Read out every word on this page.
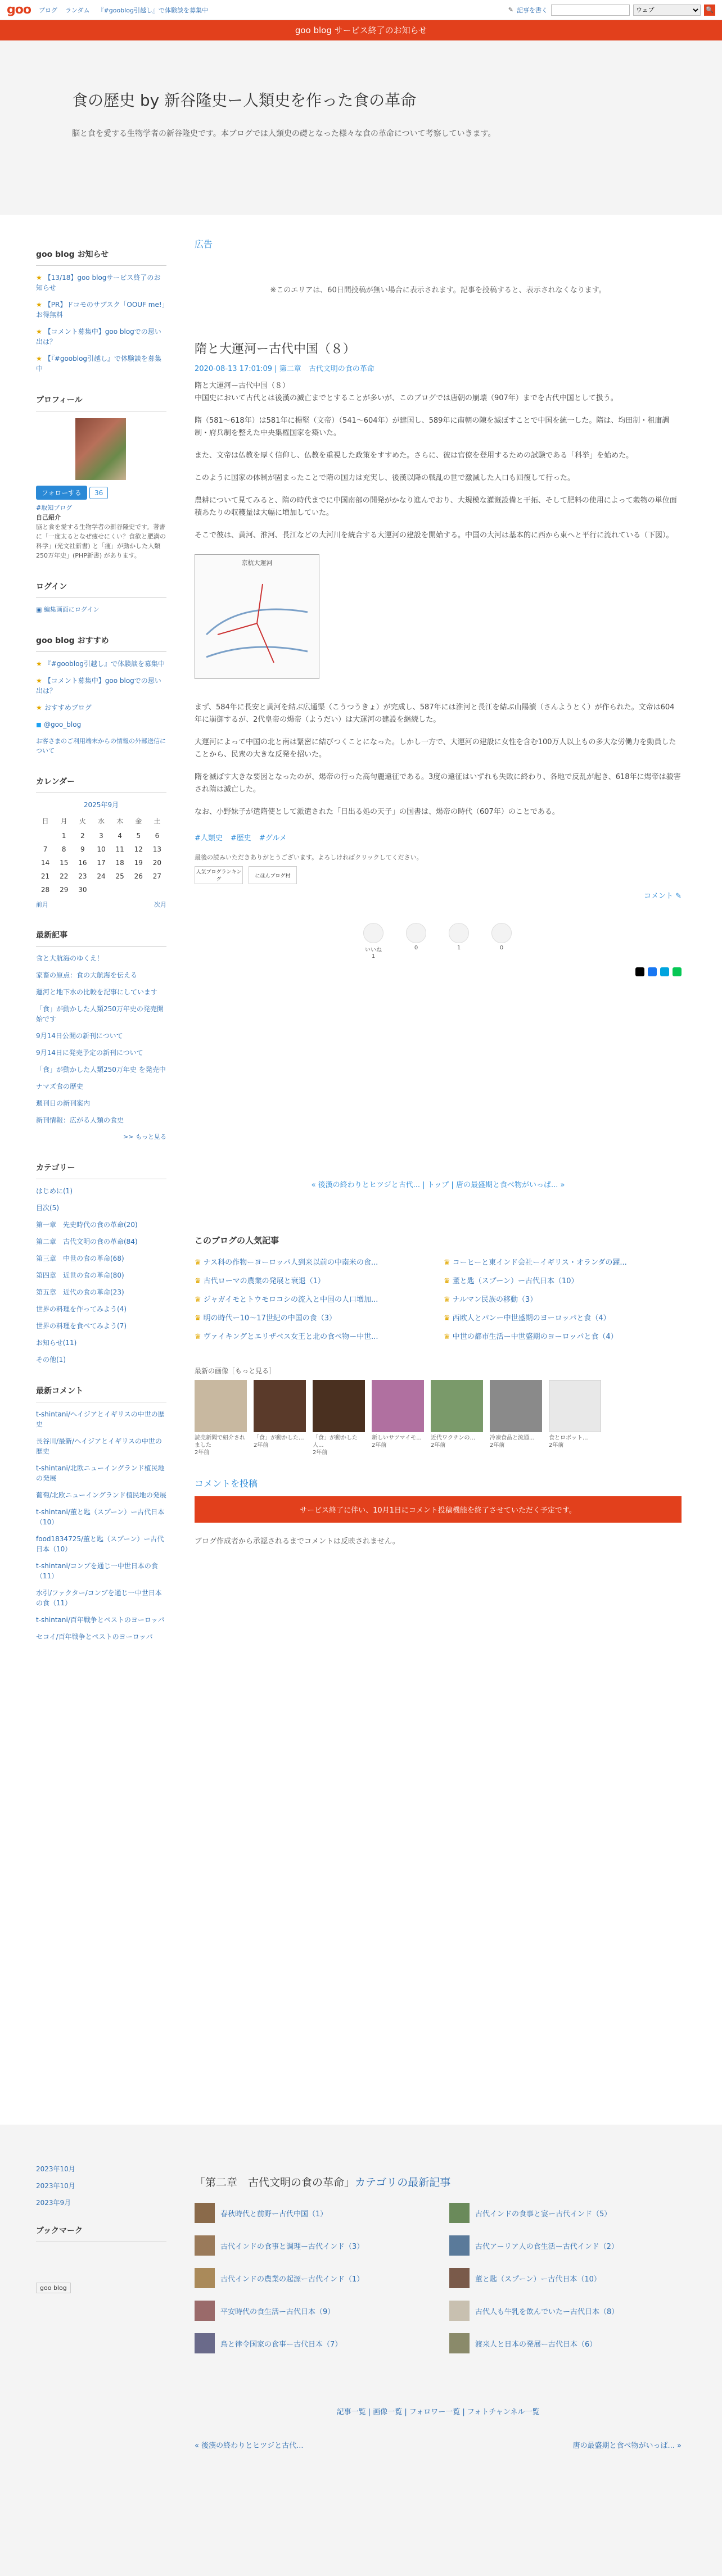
goo ブログ ランダム 『#gooblog引越し』で体験談を募集中	✎ 記事を書く
ウェブ	🔍
goo blog サービス終了のお知らせ
食の歴史 by 新谷隆史ー人類史を作った食の革命
脳と食を愛する生物学者の新谷隆史です。本ブログでは人類史の礎となった様々な食の革命について考察していきます。
goo blog お知らせ
★ 【13/18】goo blogサービス終了のお知らせ
★ 【PR】ドコモのサブスク「OOUF me!」お得無料
★ 【コメント募集中】goo blogでの思い出は？
★ 【『#gooblog引越し』で体験談を募集中
プロフィール
フォローする 36
#取知ブログ
自己紹介
脳と食を愛する生物学者の新谷隆史です。著書に「一度太るとなぜ痩せにくい？食欲と肥満の科学」(光文社新書) と「痩」が動かした人類250万年史」(PHP新書) があります。
ログイン
▣ 編集画面にログイン
goo blog おすすめ
★ 『#gooblog引越し』で体験談を募集中
★ 【コメント募集中】goo blogでの思い出は？
★ おすすめブログ
◼ @goo_blog
お客さまのご利用端末からの情報の外部送信について
カレンダー
2025年9月
日	月	火	水	木	金	土
	1	2	3	4	5	6
7	8	9	10	11	12	13
14	15	16	17	18	19	20
21	22	23	24	25	26	27
28	29	30				
前月	次月
最新記事
食と大航海のゆくえ！
家畜の原点：食の大航海を伝える
運河と地下水の比較を記事にしています
「食」が動かした人類250万年史の発売開始です
9月14日公開の新刊について
9月14日に発売予定の新刊について
「食」が動かした人類250万年史 を発売中
ナマズ食の歴史
週刊日の新刊案内
新刊情報：広がる人類の食史
>> もっと見る
カテゴリー
はじめに(1)
目次(5)
第一章　先史時代の食の革命(20)
第二章　古代文明の食の革命(84)
第三章　中世の食の革命(68)
第四章　近世の食の革命(80)
第五章　近代の食の革命(23)
世界の料理を作ってみよう(4)
世界の料理を食べてみよう(7)
お知らせ(11)
その他(1)
最新コメント
t-shintani/ヘイジアとイギリスの中世の歴史
長谷川/最新/ヘイジアとイギリスの中世の歴史
t-shintani/北欧ニューイングランド植民地の発展
葡萄/北欧ニューイングランド植民地の発展
t-shintani/董と匙（スプーン）ー古代日本（10）
food1834725/董と匙（スプーン）ー古代日本（10）
t-shintani/コンブを通じ一中世日本の食（11）
水引/ファクター/コンブを通じ一中世日本の食（11）
t-shintani/百年戦争とペストのヨーロッパ
セコイ/百年戦争とペストのヨーロッパ
広告
※このエリアは、60日間投稿が無い場合に表示されます。記事を投稿すると、表示されなくなります。
隋と大運河ー古代中国（８）
2020-08-13 17:01:09 | 第二章　古代文明の食の革命

隋と大運河ー古代中国（８）
中国史において古代とは後漢の滅亡までとすることが多いが、このブログでは唐朝の崩壊（907年）までを古代中国として扱う。

隋（581〜618年）は581年に楊堅（文帝）（541〜604年）が建国し、589年に南朝の陳を滅ぼすことで中国を統一した。隋は、均田制・租庸調制・府兵制を整えた中央集権国家を築いた。

また、文帝は仏教を厚く信仰し、仏教を重視した政策をすすめた。さらに、彼は官僚を登用するための試験である「科挙」を始めた。

このように国家の体制が固まったことで隋の国力は充実し、後漢以降の戦乱の世で激減した人口も回復して行った。

農耕について見てみると、隋の時代までに中国南部の開発がかなり進んでおり、大規模な灌漑設備と干拓、そして肥料の使用によって穀物の単位面積あたりの収穫量は大幅に増加していた。

そこで彼は、黄河、淮河、長江などの大河川を統合する大運河の建設を開始する。中国の大河は基本的に西から東へと平行に流れている（下図）。

京杭大運河

まず、584年に長安と黄河を結ぶ広通渠（こうつうきょ）が完成し、587年には淮河と長江を結ぶ山陽瀆（さんようとく）が作られた。文帝は604年に崩御するが、2代皇帝の煬帝（ようだい）は大運河の建設を継続した。

大運河によって中国の北と南は緊密に結びつくことになった。しかし一方で、大運河の建設に女性を含む100万人以上もの多大な労働力を動員したことから、民衆の大きな反発を招いた。

隋を滅ぼす大きな要因となったのが、煬帝の行った高句麗遠征である。3度の遠征はいずれも失敗に終わり、各地で反乱が起き、618年に煬帝は殺害され隋は滅亡した。

なお、小野妹子が遣隋使として派遣された「日出る処の天子」の国書は、煬帝の時代（607年）のことである。

#人類史 #歴史 #グルメ
最後の読みいただきありがとうございます。よろしければクリックしてください。
人気ブログランキング
にほんブログ村
コメント ✎
いいね
1
0	1	0
« 後漢の終わりとヒツジと古代... | トップ | 唐の最盛期と食べ物がいっぱ... »
このブログの人気記事
♛ ナス科の作物ーヨーロッパ人到来以前の中南米の食...	♛ コーヒーと東インド会社ーイギリス・オランダの躍...
♛ 古代ローマの農業の発展と衰退（1）	♛ 董と匙（スプーン）ー古代日本（10）
♛ ジャガイモとトウモロコシの流入と中国の人口増加...	♛ ナルマン民族の移動（3）
♛ 明の時代ー10〜17世紀の中国の食（3）	♛ 西欧人とパンー中世盛期のヨーロッパと食（4）
♛ ヴァイキングとエリザベス女王と北の食べ物ー中世...	♛ 中世の都市生活ー中世盛期のヨーロッパと食（4）
最新の画像［もっと見る］
読売新聞で紹介されました
2年前
「食」が動かした...
2年前
「食」が動かした人...
2年前
新しいサツマイモ...
2年前
近代ワクチンの...
2年前
冷凍食品と流通...
2年前
食とロボット...
2年前
コメントを投稿
サービス終了に伴い、10月1日にコメント投稿機能を終了させていただく予定です。
ブログ作成者から承認されるまでコメントは反映されません。
2023年10月
2023年10月
2023年9月
ブックマーク
goo blog
「第二章　古代文明の食の革命」カテゴリの最新記事
春秋時代と前野ー古代中国（1）	古代インドの食事と宴ー古代インド（5）
古代インドの食事と調理ー古代インド（3）	古代アーリア人の食生活ー古代インド（2）
古代インドの農業の起源ー古代インド（1）	董と匙（スプーン）ー古代日本（10）
平安時代の食生活ー古代日本（9）	古代人も牛乳を飲んでいたー古代日本（8）
鳥と律令国家の食事ー古代日本（7）	渡来人と日本の発展ー古代日本（6）
記事一覧 | 画像一覧 | フォロワー一覧 | フォトチャンネル一覧
« 後漢の終わりとヒツジと古代...	唐の最盛期と食べ物がいっぱ... »
